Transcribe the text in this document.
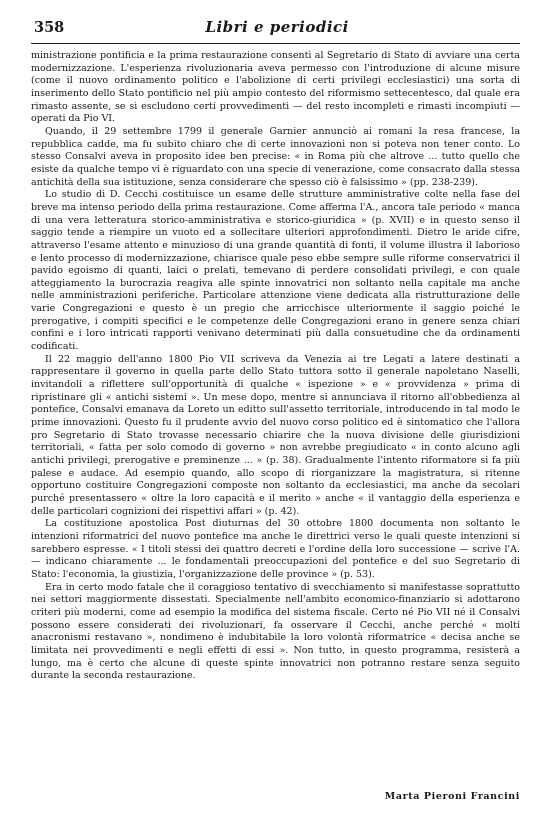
358	Libri e periodici

ministrazione pontificia e la prima restaurazione consentì al Segretario di Stato di avviare una certa modernizzazione. L'esperienza rivoluzionaria aveva permesso con l'introduzione di alcune misure (come il nuovo ordinamento politico e l'abolizione di certi privilegi ecclesiastici) una sorta di inserimento dello Stato pontificio nel più ampio contesto del riformismo settecentesco, dal quale era rimasto assente, se si escludono certi provvedimenti — del resto incompleti e rimasti incompiuti — operati da Pio VI.

Quando, il 29 settembre 1799 il generale Garnier annunciò ai romani la resa francese, la repubblica cadde, ma fu subito chiaro che di certe innovazioni non si poteva non tener conto. Lo stesso Consalvi aveva in proposito idee ben precise: « in Roma più che altrove ... tutto quello che esiste da qualche tempo vi è riguardato con una specie di venerazione, come consacrato dalla stessa antichità della sua istituzione, senza considerare che spesso ciò è falsissimo » (pp. 238-239).

Lo studio di D. Cecchi costituisce un esame delle strutture amministrative colte nella fase del breve ma intenso periodo della prima restaurazione. Come afferma l'A., ancora tale periodo « manca di una vera letteratura storico-amministrativa e storico-giuridica » (p. XVII) e in questo senso il saggio tende a riempire un vuoto ed a sollecitare ulteriori approfondimenti. Dietro le aride cifre, attraverso l'esame attento e minuzioso di una grande quantità di fonti, il volume illustra il laborioso e lento processo di modernizzazione, chiarisce quale peso ebbe sempre sulle riforme conservatrici il pavido egoismo di quanti, laici o prelati, temevano di perdere consolidati privilegi, e con quale atteggiamento la burocrazia reagiva alle spinte innovatrici non soltanto nella capitale ma anche nelle amministrazioni periferiche. Particolare attenzione viene dedicata alla ristrutturazione delle varie Congregazioni e questo è un pregio che arricchisce ulteriormente il saggio poiché le prerogative, i compiti specifici e le competenze delle Congregazioni erano in genere senza chiari confini e i loro intricati rapporti venivano determinati più dalla consuetudine che da ordinamenti codificati.

Il 22 maggio dell'anno 1800 Pio VII scriveva da Venezia ai tre Legati a latere destinati a rappresentare il governo in quella parte dello Stato tuttora sotto il generale napoletano Naselli, invitandoli a riflettere sull'opportunità di qualche « ispezione » e « provvidenza » prima di ripristinare gli « antichi sistemi ». Un mese dopo, mentre si annunciava il ritorno all'obbedienza al pontefice, Consalvi emanava da Loreto un editto sull'assetto territoriale, introducendo in tal modo le prime innovazioni. Questo fu il prudente avvio del nuovo corso politico ed è sintomatico che l'allora pro Segretario di Stato trovasse necessario chiarire che la nuova divisione delle giurisdizioni territoriali, « fatta per solo comodo di governo » non avrebbe pregiudicato « in conto alcuno agli antichi privilegi, prerogative e preminenze ... » (p. 38). Gradualmente l'intento riformatore si fa più palese e audace. Ad esempio quando, allo scopo di riorganizzare la magistratura, si ritenne opportuno costituire Congregazioni composte non soltanto da ecclesiastici, ma anche da secolari purché presentassero « oltre la loro capacità e il merito » anche « il vantaggio della esperienza e delle particolari cognizioni dei rispettivi affari » (p. 42).

La costituzione apostolica Post diuturnas del 30 ottobre 1800 documenta non soltanto le intenzioni riformatrici del nuovo pontefice ma anche le direttrici verso le quali queste intenzioni si sarebbero espresse. « I titoli stessi dei quattro decreti e l'ordine della loro successione — scrive l'A. — indicano chiaramente ... le fondamentali preoccupazioni del pontefice e del suo Segretario di Stato: l'economia, la giustizia, l'organizzazione delle province » (p. 53).

Era in certo modo fatale che il coraggioso tentativo di svecchiamento si manifestasse soprattutto nei settori maggiormente dissestati. Specialmente nell'ambito economico-finanziario si adottarono criteri più moderni, come ad esempio la modifica del sistema fiscale. Certo né Pio VII né il Consalvi possono essere considerati dei rivoluzionari, fa osservare il Cecchi, anche perché « molti anacronismi restavano », nondimeno è indubitabile la loro volontà riformatrice « decisa anche se limitata nei provvedimenti e negli effetti di essi ». Non tutto, in questo programma, resisterà a lungo, ma è certo che alcune di queste spinte innovatrici non potranno restare senza seguito durante la seconda restaurazione.

Marta Pieroni Francini
